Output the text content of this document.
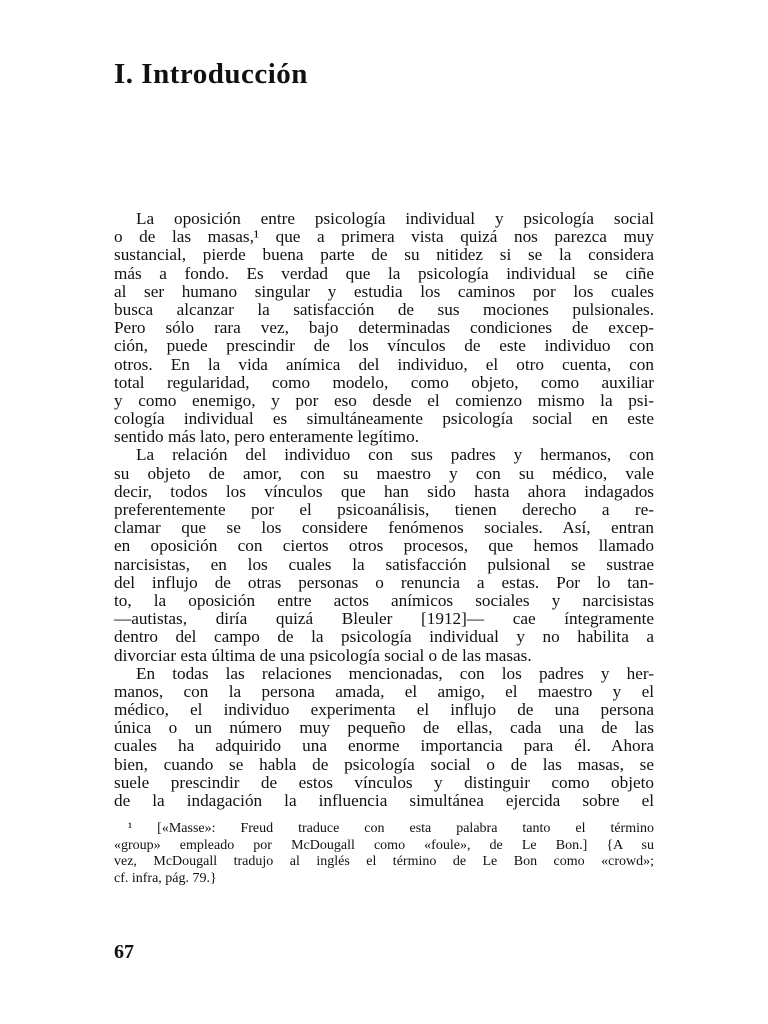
I. Introducción
La oposición entre psicología individual y psicología social
o de las masas,¹ que a primera vista quizá nos parezca muy
sustancial, pierde buena parte de su nitidez si se la considera
más a fondo. Es verdad que la psicología individual se ciñe
al ser humano singular y estudia los caminos por los cuales
busca alcanzar la satisfacción de sus mociones pulsionales.
Pero sólo rara vez, bajo determinadas condiciones de excep-
ción, puede prescindir de los vínculos de este individuo con
otros. En la vida anímica del individuo, el otro cuenta, con
total regularidad, como modelo, como objeto, como auxiliar
y como enemigo, y por eso desde el comienzo mismo la psi-
cología individual es simultáneamente psicología social en este
sentido más lato, pero enteramente legítimo.
La relación del individuo con sus padres y hermanos, con
su objeto de amor, con su maestro y con su médico, vale
decir, todos los vínculos que han sido hasta ahora indagados
preferentemente por el psicoanálisis, tienen derecho a re-
clamar que se los considere fenómenos sociales. Así, entran
en oposición con ciertos otros procesos, que hemos llamado
narcisistas, en los cuales la satisfacción pulsional se sustrae
del influjo de otras personas o renuncia a estas. Por lo tan-
to, la oposición entre actos anímicos sociales y narcisistas
—autistas, diría quizá Bleuler [1912]— cae íntegramente
dentro del campo de la psicología individual y no habilita a
divorciar esta última de una psicología social o de las masas.
En todas las relaciones mencionadas, con los padres y her-
manos, con la persona amada, el amigo, el maestro y el
médico, el individuo experimenta el influjo de una persona
única o un número muy pequeño de ellas, cada una de las
cuales ha adquirido una enorme importancia para él. Ahora
bien, cuando se habla de psicología social o de las masas, se
suele prescindir de estos vínculos y distinguir como objeto
de la indagación la influencia simultánea ejercida sobre el
¹ [«Masse»: Freud traduce con esta palabra tanto el término
«group» empleado por McDougall como «foule», de Le Bon.] {A su
vez, McDougall tradujo al inglés el término de Le Bon como «crowd»;
cf. infra, pág. 79.}
67
